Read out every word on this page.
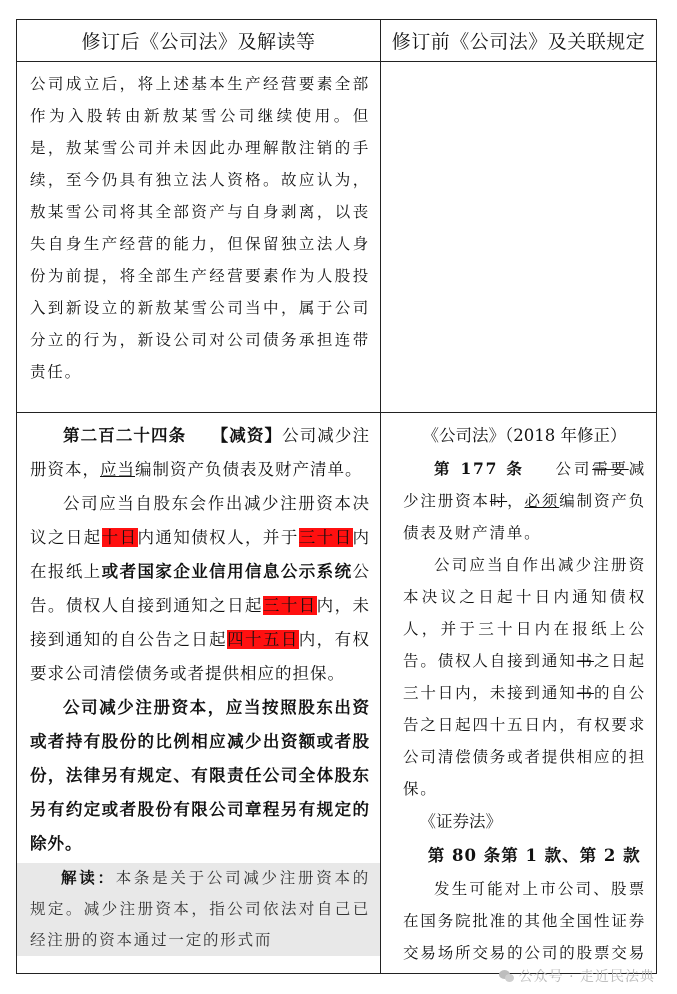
修订后《公司法》及解读等	修订前《公司法》及关联规定

公司成立后，将上述基本生产经营要素全部作为入股转由新敖某雪公司继续使用。但是，敖某雪公司并未因此办理解散注销的手续，至今仍具有独立法人资格。故应认为，敖某雪公司将其全部资产与自身剥离，以丧失自身生产经营的能力，但保留独立法人身份为前提，将全部生产经营要素作为人股投入到新设立的新敖某雪公司当中，属于公司分立的行为，新设公司对公司债务承担连带责任。

第二百二十四条 【减资】公司减少注册资本，应当编制资产负债表及财产清单。

公司应当自股东会作出减少注册资本决议之日起十日内通知债权人，并于三十日内在报纸上或者国家企业信用信息公示系统公告。债权人自接到通知之日起三十日内，未接到通知的自公告之日起四十五日内，有权要求公司清偿债务或者提供相应的担保。

公司减少注册资本，应当按照股东出资或者持有股份的比例相应减少出资额或者股份，法律另有规定、有限责任公司全体股东另有约定或者股份有限公司章程另有规定的除外。

解读：本条是关于公司减少注册资本的规定。减少注册资本，指公司依法对自己已经注册的资本通过一定的形式而

《公司法》（2018 年修正）

第 177 条 公司需要减少注册资本时，必须编制资产负债表及财产清单。

公司应当自作出减少注册资本决议之日起十日内通知债权人，并于三十日内在报纸上公告。债权人自接到通知书之日起三十日内，未接到通知书的自公告之日起四十五日内，有权要求公司清偿债务或者提供相应的担保。

《证券法》

第 80 条第 1 款、第 2 款

发生可能对上市公司、股票在国务院批准的其他全国性证券交易场所交易的公司的股票交易

公众号 · 走近民法典
